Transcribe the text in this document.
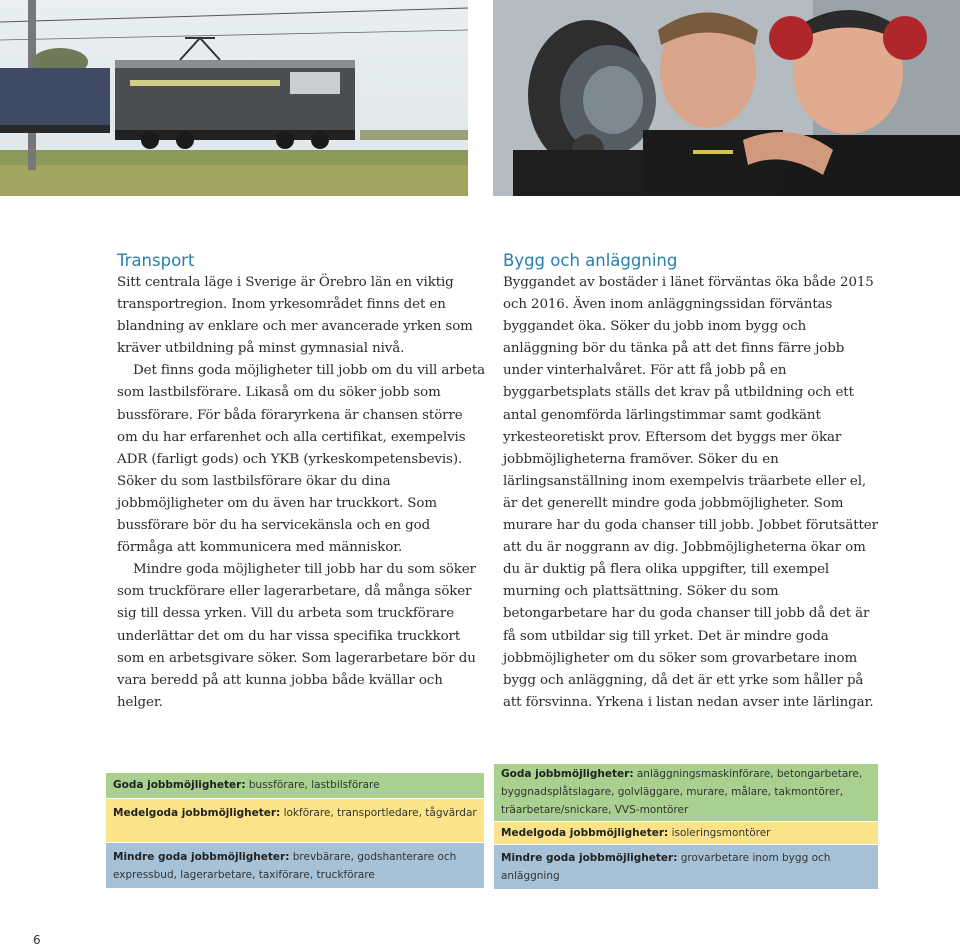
Transport

Sitt centrala läge i Sverige är Örebro län en viktig transportregion. Inom yrkesområdet finns det en blandning av enklare och mer avancerade yrken som kräver utbildning på minst gymnasial nivå.

Det finns goda möjligheter till jobb om du vill arbeta som lastbilsförare. Likaså om du söker jobb som bussförare. För båda föraryrkena är chansen större om du har erfarenhet och alla certifikat, exempelvis ADR (farligt gods) och YKB (yrkeskompetensbevis). Söker du som lastbilsförare ökar du dina jobbmöjligheter om du även har truckkort. Som bussförare bör du ha servicekänsla och en god förmåga att kommunicera med människor.

Mindre goda möjligheter till jobb har du som söker som truckförare eller lagerarbetare, då många söker sig till dessa yrken. Vill du arbeta som truckförare underlättar det om du har vissa specifika truckkort som en arbetsgivare söker. Som lagerarbetare bör du vara beredd på att kunna jobba både kvällar och helger.

Goda jobbmöjligheter: bussförare, lastbilsförare
Medelgoda jobbmöjligheter: lokförare, transportledare, tågvärdar
Mindre goda jobbmöjligheter: brevbärare, godshanterare och expressbud, lagerarbetare, taxiförare, truckförare
Bygg och anläggning

Byggandet av bostäder i länet förväntas öka både 2015 och 2016. Även inom anläggningssidan förväntas byggandet öka. Söker du jobb inom bygg och anläggning bör du tänka på att det finns färre jobb under vinterhalvåret. För att få jobb på en byggarbetsplats ställs det krav på utbildning och ett antal genomförda lärlingstimmar samt godkänt yrkesteoretiskt prov. Eftersom det byggs mer ökar jobbmöjligheterna framöver. Söker du en lärlingsanställning inom exempelvis träarbete eller el, är det generellt mindre goda jobbmöjligheter. Som murare har du goda chanser till jobb. Jobbet förutsätter att du är noggrann av dig. Jobbmöjligheterna ökar om du är duktig på flera olika uppgifter, till exempel murning och plattsättning. Söker du som betongarbetare har du goda chanser till jobb då det är få som utbildar sig till yrket. Det är mindre goda jobbmöjligheter om du söker som grovarbetare inom bygg och anläggning, då det är ett yrke som håller på att försvinna. Yrkena i listan nedan avser inte lärlingar.

Goda jobbmöjligheter: anläggningsmaskinförare, betongarbetare, byggnadsplåtslagare, golvläggare, murare, målare, takmontörer, träarbetare/snickare, VVS-montörer
Medelgoda jobbmöjligheter: isoleringsmontörer
Mindre goda jobbmöjligheter: grovarbetare inom bygg och anläggning
6
